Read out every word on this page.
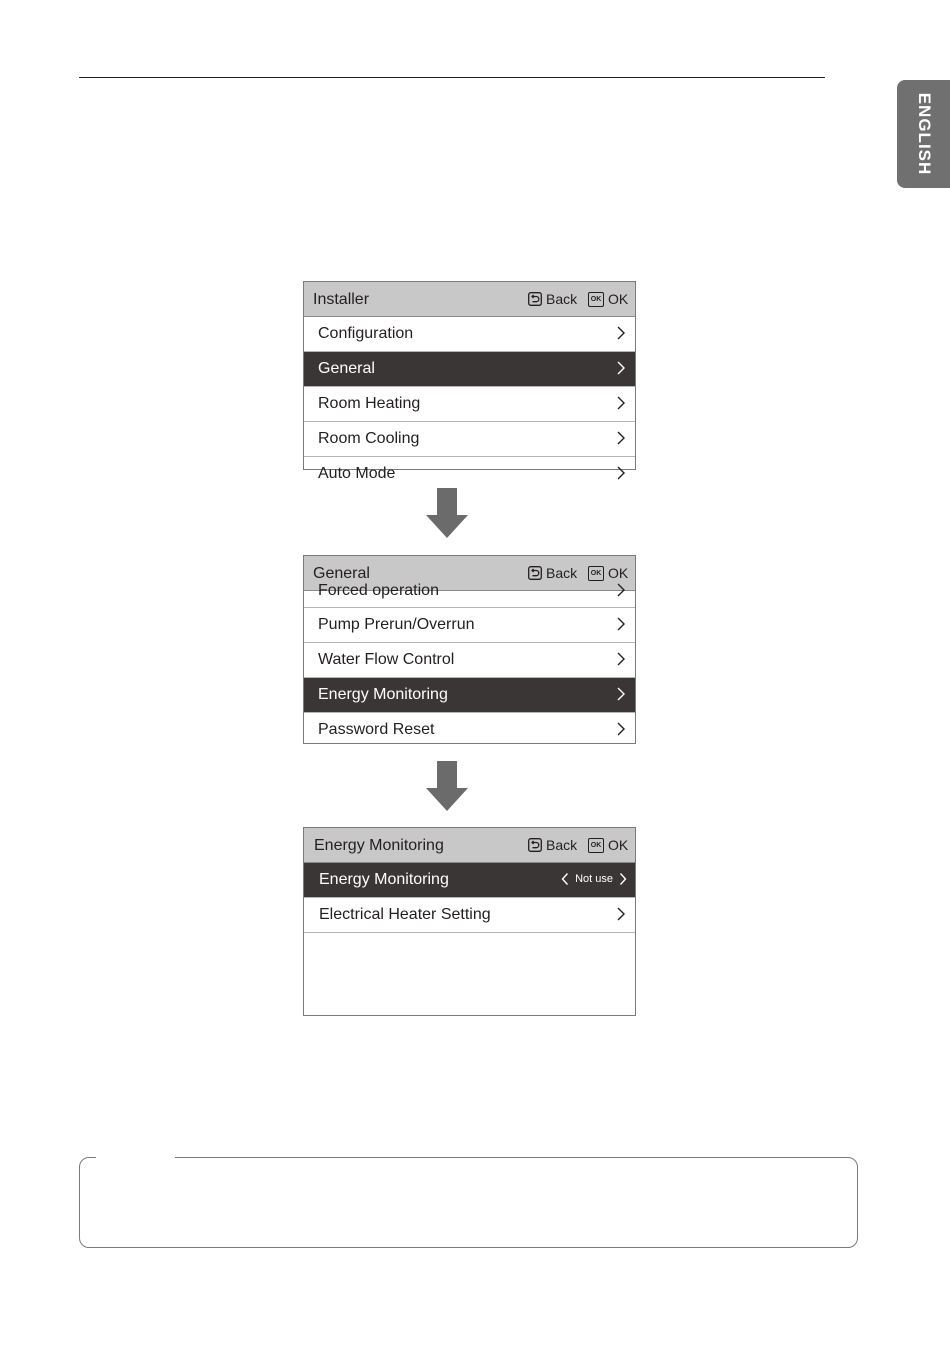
ENGLISH
Installer	Back	OK OK
Configuration
General
Room Heating
Room Cooling
Auto Mode
General	Back	OK OK
Forced operation
Pump Prerun/Overrun
Water Flow Control
Energy Monitoring
Password Reset
Energy Monitoring	Back	OK OK
Energy Monitoring	Not use
Electrical Heater Setting
